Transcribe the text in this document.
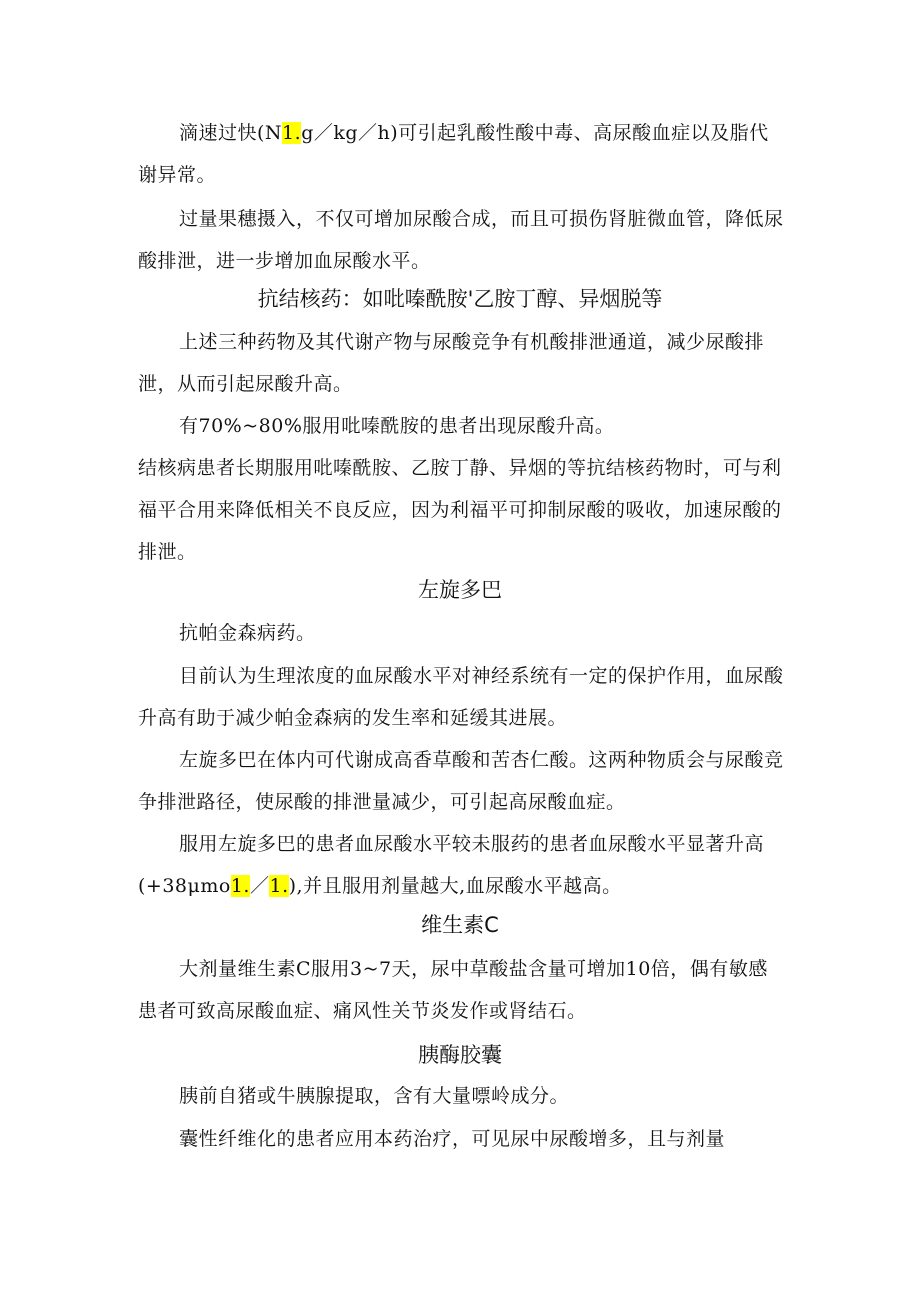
滴速过快(N1.g／kg／h)可引起乳酸性酸中毒、高尿酸血症以及脂代谢异常。

过量果穗摄入，不仅可增加尿酸合成，而且可损伤肾脏微血管，降低尿酸排泄，进一步增加血尿酸水平。

抗结核药：如吡嗪酰胺'乙胺丁醇、异烟脱等

上述三种药物及其代谢产物与尿酸竞争有机酸排泄通道，减少尿酸排泄，从而引起尿酸升高。

有70%~80%服用吡嗪酰胺的患者出现尿酸升高。

结核病患者长期服用吡嗪酰胺、乙胺丁静、异烟的等抗结核药物时，可与利福平合用来降低相关不良反应，因为利福平可抑制尿酸的吸收，加速尿酸的排泄。

左旋多巴

抗帕金森病药。

目前认为生理浓度的血尿酸水平对神经系统有一定的保护作用，血尿酸升高有助于减少帕金森病的发生率和延缓其进展。

左旋多巴在体内可代谢成高香草酸和苦杏仁酸。这两种物质会与尿酸竞争排泄路径，使尿酸的排泄量减少，可引起高尿酸血症。

服用左旋多巴的患者血尿酸水平较未服药的患者血尿酸水平显著升高(+38μmo1.／1.),并且服用剂量越大,血尿酸水平越高。

维生素C

大剂量维生素C服用3~7天，尿中草酸盐含量可增加10倍，偶有敏感患者可致高尿酸血症、痛风性关节炎发作或肾结石。

胰酶胶囊

胰前自猪或牛胰腺提取，含有大量嘌岭成分。

囊性纤维化的患者应用本药治疗，可见尿中尿酸增多，且与剂量
